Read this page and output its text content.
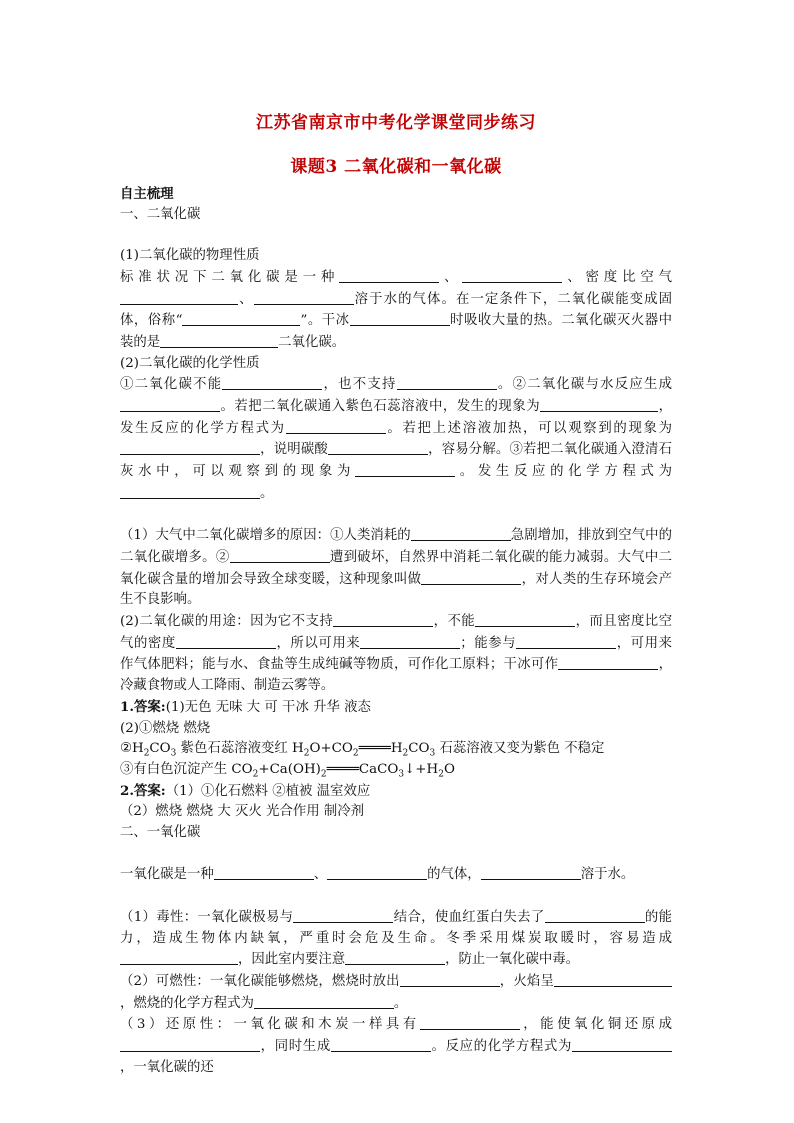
江苏省南京市中考化学课堂同步练习
课题3 二氧化碳和一氧化碳

自主梳理

一、二氧化碳

(1)二氧化碳的物理性质

标准状况下二氧化碳是一种	、	、密度比空气、	溶于水的气体。在一定条件下，二氧化碳能变成固体，俗称“	”。干冰	时吸收大量的热。二氧化碳灭火器中装的是	二氧化碳。

(2)二氧化碳的化学性质

①二氧化碳不能	，也不支持	。②二氧化碳与水反应生成。若把二氧化碳通入紫色石蕊溶液中，发生的现象为	，发生反应的化学方程式为	。若把上述溶液加热，可以观察到的现象为，说明碳酸	，容易分解。③若把二氧化碳通入澄清石灰水中，可以观察到的现象为	。发生反应的化学方程式为。

（1）大气中二氧化碳增多的原因：①人类消耗的	急剧增加，排放到空气中的二氧化碳增多。②	遭到破坏，自然界中消耗二氧化碳的能力减弱。大气中二氧化碳含量的增加会导致全球变暖，这种现象叫做	，对人类的生存环境会产生不良影响。

(2)二氧化碳的用途：因为它不支持	，不能	，而且密度比空气的密度	，所以可用来	；能参与	，可用来作气体肥料；能与水、食盐等生成纯碱等物质，可作化工原料；干冰可作	，冷藏食物或人工降雨、制造云雾等。

1.答案:(1)无色 无味 大 可 干冰 升华 液态

(2)①燃烧 燃烧

$②H_2CO_3$ 紫色石蕊溶液变红 $H_2O+CO_2════H_2CO_3$ 石蕊溶液又变为紫色 不稳定

③有白色沉淀产生 $CO_2+Ca(OH)_2════CaCO_3↓+H_2O$

2.答案:（1）①化石燃料 ②植被 温室效应

（2）燃烧 燃烧 大 灭火 光合作用 制冷剂

二、一氧化碳

一氧化碳是一种	、	的气体，	溶于水。

（1）毒性：一氧化碳极易与	结合，使血红蛋白失去了	的能力，造成生物体内缺氧，严重时会危及生命。冬季采用煤炭取暖时，容易造成，因此室内要注意	，防止一氧化碳中毒。

（2）可燃性：一氧化碳能够燃烧，燃烧时放出	，火焰呈，燃烧的化学方程式为	。

（3）还原性：一氧化碳和木炭一样具有	，能使氧化铜还原成，同时生成	。反应的化学方程式为，一氧化碳的还
